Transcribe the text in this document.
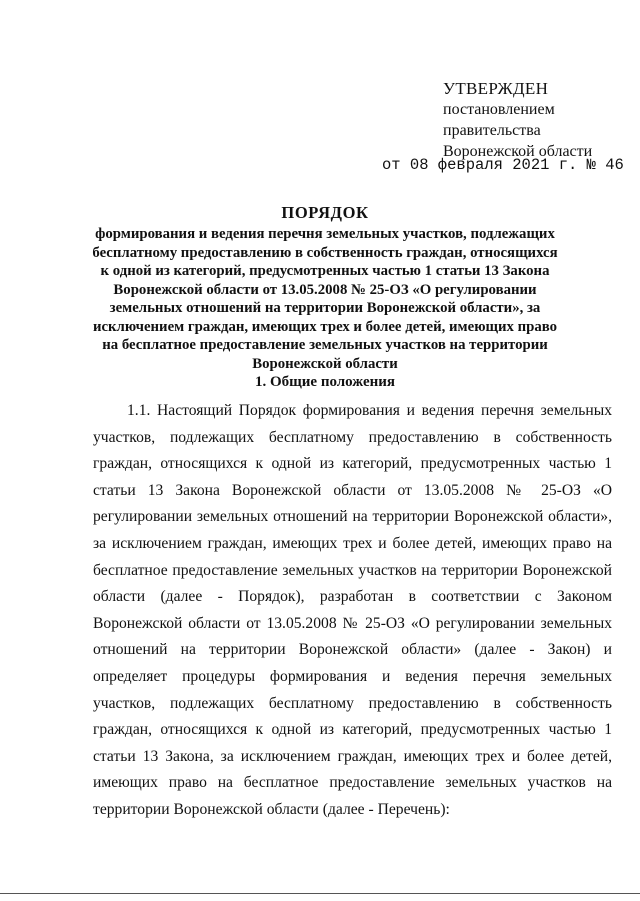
УТВЕРЖДЕН
постановлением
правительства
Воронежской области
от 08 февраля 2021 г. № 46
ПОРЯДОК
формирования и ведения перечня земельных участков, подлежащих бесплатному предоставлению в собственность граждан, относящихся к одной из категорий, предусмотренных частью 1 статьи 13 Закона Воронежской области от 13.05.2008 № 25-ОЗ «О регулировании земельных отношений на территории Воронежской области», за исключением граждан, имеющих трех и более детей, имеющих право на бесплатное предоставление земельных участков на территории Воронежской области
1. Общие положения

1.1. Настоящий Порядок формирования и ведения перечня земельных участков, подлежащих бесплатному предоставлению в собственность граждан, относящихся к одной из категорий, предусмотренных частью 1 статьи 13 Закона Воронежской области от 13.05.2008 № 25-ОЗ «О регулировании земельных отношений на территории Воронежской области», за исключением граждан, имеющих трех и более детей, имеющих право на бесплатное предоставление земельных участков на территории Воронежской области (далее - Порядок), разработан в соответствии с Законом Воронежской области от 13.05.2008 № 25-ОЗ «О регулировании земельных отношений на территории Воронежской области» (далее - Закон) и определяет процедуры формирования и ведения перечня земельных участков, подлежащих бесплатному предоставлению в собственность граждан, относящихся к одной из категорий, предусмотренных частью 1 статьи 13 Закона, за исключением граждан, имеющих трех и более детей, имеющих право на бесплатное предоставление земельных участков на территории Воронежской области (далее - Перечень):
